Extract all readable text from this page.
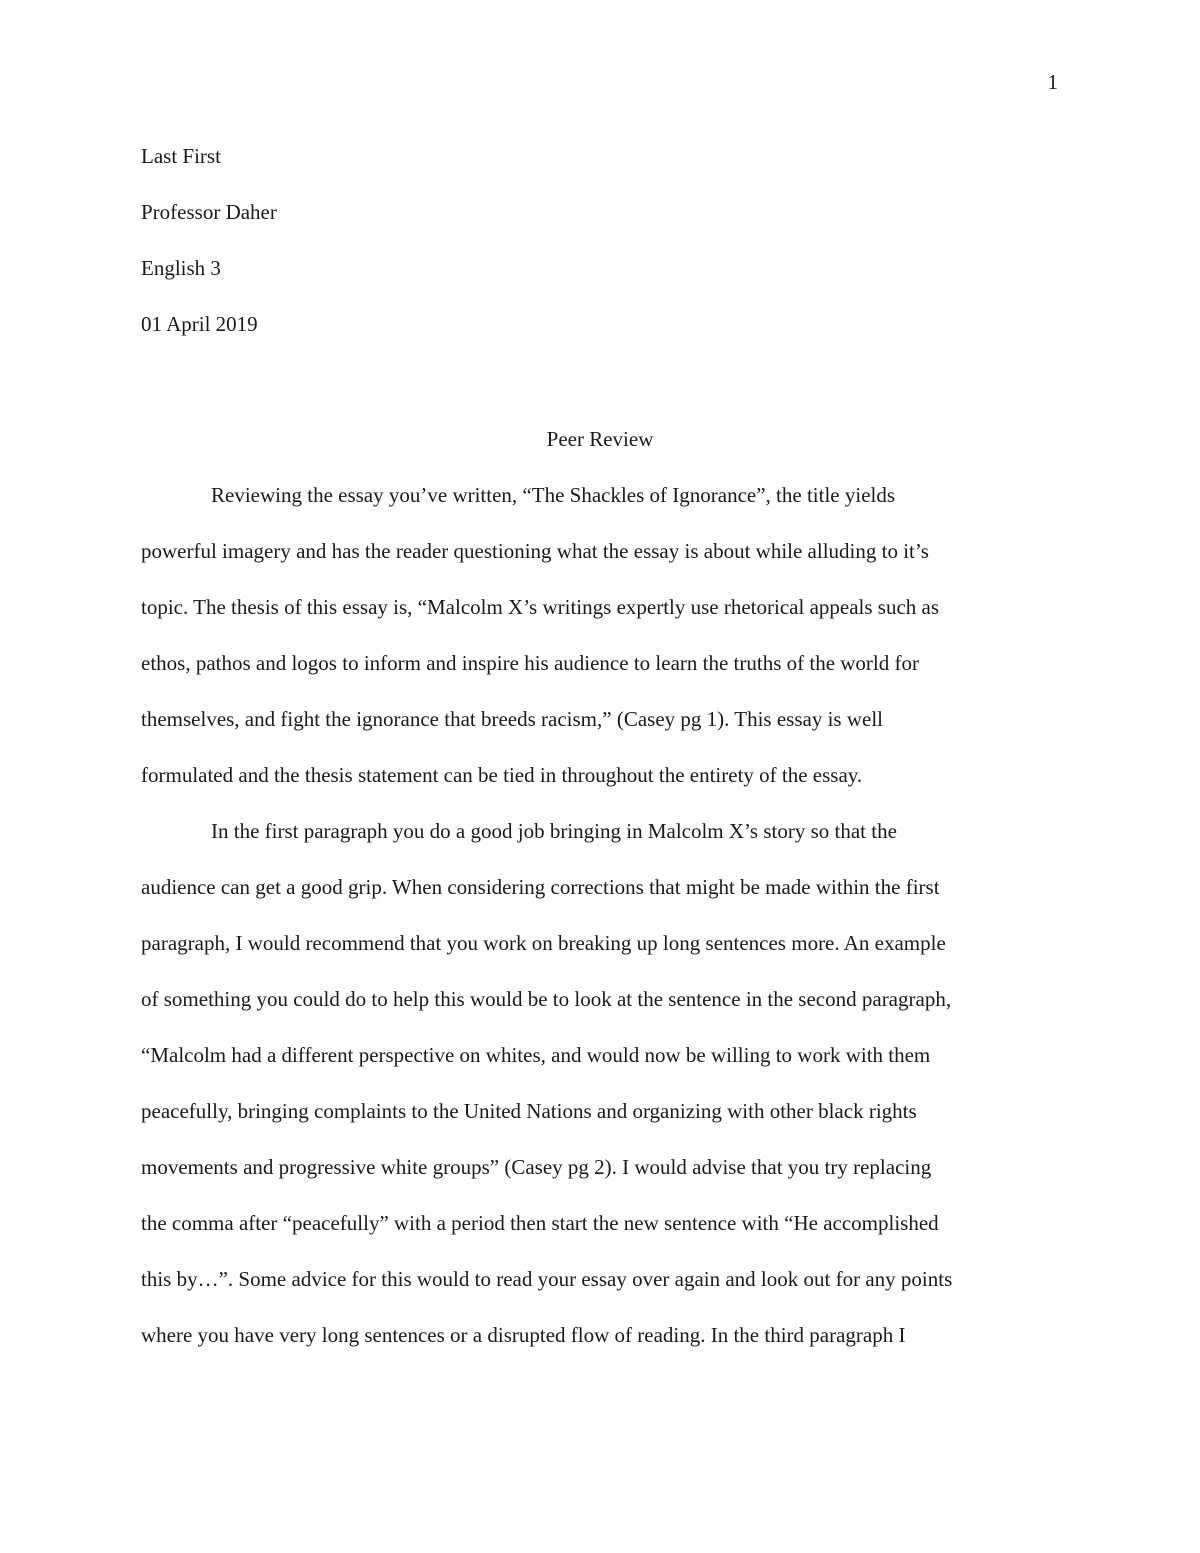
1
Last First
Professor Daher
English 3
01 April 2019
Peer Review
Reviewing the essay you’ve written, “The Shackles of Ignorance”, the title yields
powerful imagery and has the reader questioning what the essay is about while alluding to it’s
topic. The thesis of this essay is, “Malcolm X’s writings expertly use rhetorical appeals such as
ethos, pathos and logos to inform and inspire his audience to learn the truths of the world for
themselves, and fight the ignorance that breeds racism,” (Casey pg 1). This essay is well
formulated and the thesis statement can be tied in throughout the entirety of the essay.
In the first paragraph you do a good job bringing in Malcolm X’s story so that the
audience can get a good grip. When considering corrections that might be made within the first
paragraph, I would recommend that you work on breaking up long sentences more. An example
of something you could do to help this would be to look at the sentence in the second paragraph,
“Malcolm had a different perspective on whites, and would now be willing to work with them
peacefully, bringing complaints to the United Nations and organizing with other black rights
movements and progressive white groups” (Casey pg 2). I would advise that you try replacing
the comma after “peacefully” with a period then start the new sentence with “He accomplished
this by…”. Some advice for this would to read your essay over again and look out for any points
where you have very long sentences or a disrupted flow of reading. In the third paragraph I
